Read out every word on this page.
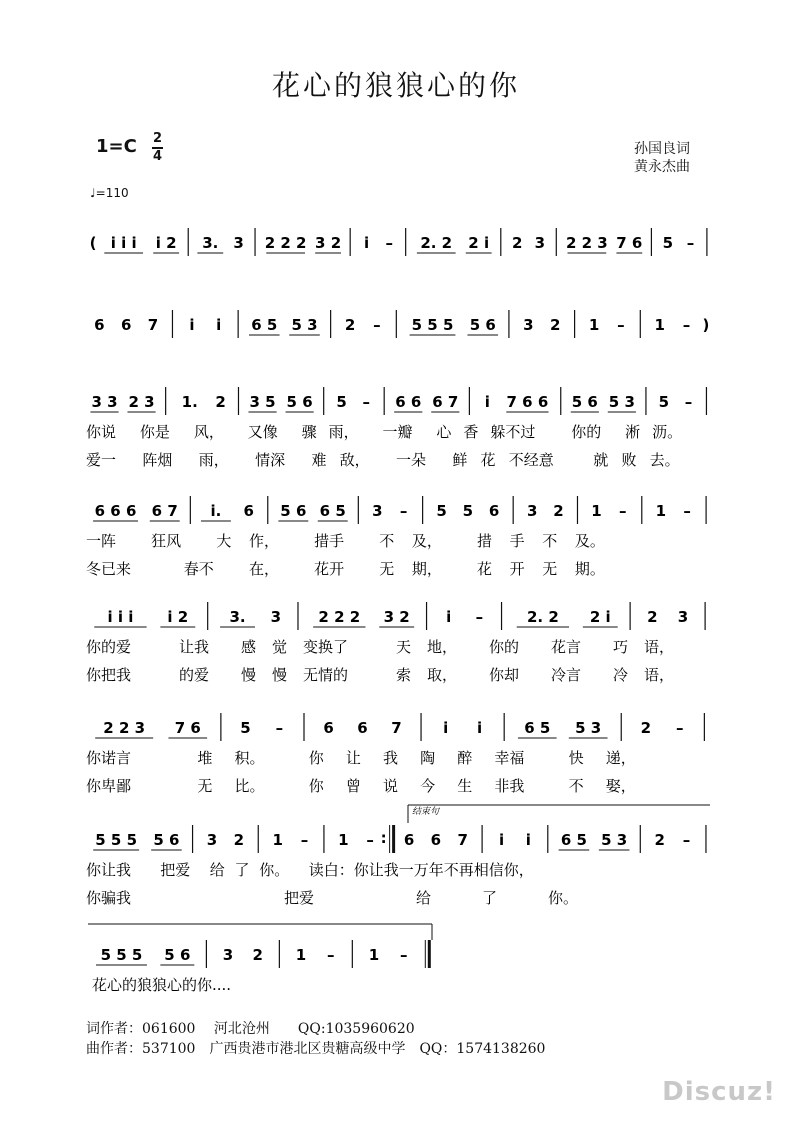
花心的狼狼心的你
1=C 2
4
♩=110
孙国良词
黄永杰曲
( i i i i 2 3. 3 2 2 2 3 2 i – 2. 2 2 i 2 3 2 2 3 7 6 5 –
6 6 7 i i 6 5 5 3 2 – 5 5 5 5 6 3 2 1 – 1 – )
3 3 2 3 1. 2 3 5 5 6 5 – 6 6 6 7 i 7 6 6 5 6 5 3 5 –
你说 你是 风， 又像 骤 雨， 一瓣 心 香 躲不过 你的 淅 沥。
爱一 阵烟 雨， 情深 难 敌， 一朵 鲜 花 不经意	就 败 去。
6 6 6 6 7 i. 6 5 6 6 5 3 – 5 5 6 3 2 1 – 1 –
一阵 狂风 大 作， 措手 不 及， 措 手 不 及。
冬已来	春不 在， 花开 无 期， 花 开 无 期。
i i i i 2	3. 3 2 2 2 3 2 i –	2. 2 2 i 2 3
你的爱	让我 感 觉 变换了	天 地， 你的 花言 巧 语，
你把我	的爱 慢 慢 无情的	索 取， 你却 冷言 冷 语，
2 2 3 7 6	5 –	6 6 7	i i	6 5 5 3	2 –
你诺言	堆 积。	你 让 我 陶 醉 幸福	快 递，
你卑鄙	无 比。	你 曾 说 今 生 非我	不 娶，
5 5 5 5 6 3 2 1 – 1 – : 6 6 7 i i 6 5 5 3 2 –
你让我 把爱 给 了 你。 读白：你让我一万年不再相信你，
你骗我	把爱	给	了	你。
结束句
5 5 5 5 6 3 2 1 – 1 –
花心的狼狼心的你....
词作者：061600　 河北沧州　　QQ:1035960620
曲作者：537100　广西贵港市港北区贵糖高级中学　QQ：1574138260
Discuz!
